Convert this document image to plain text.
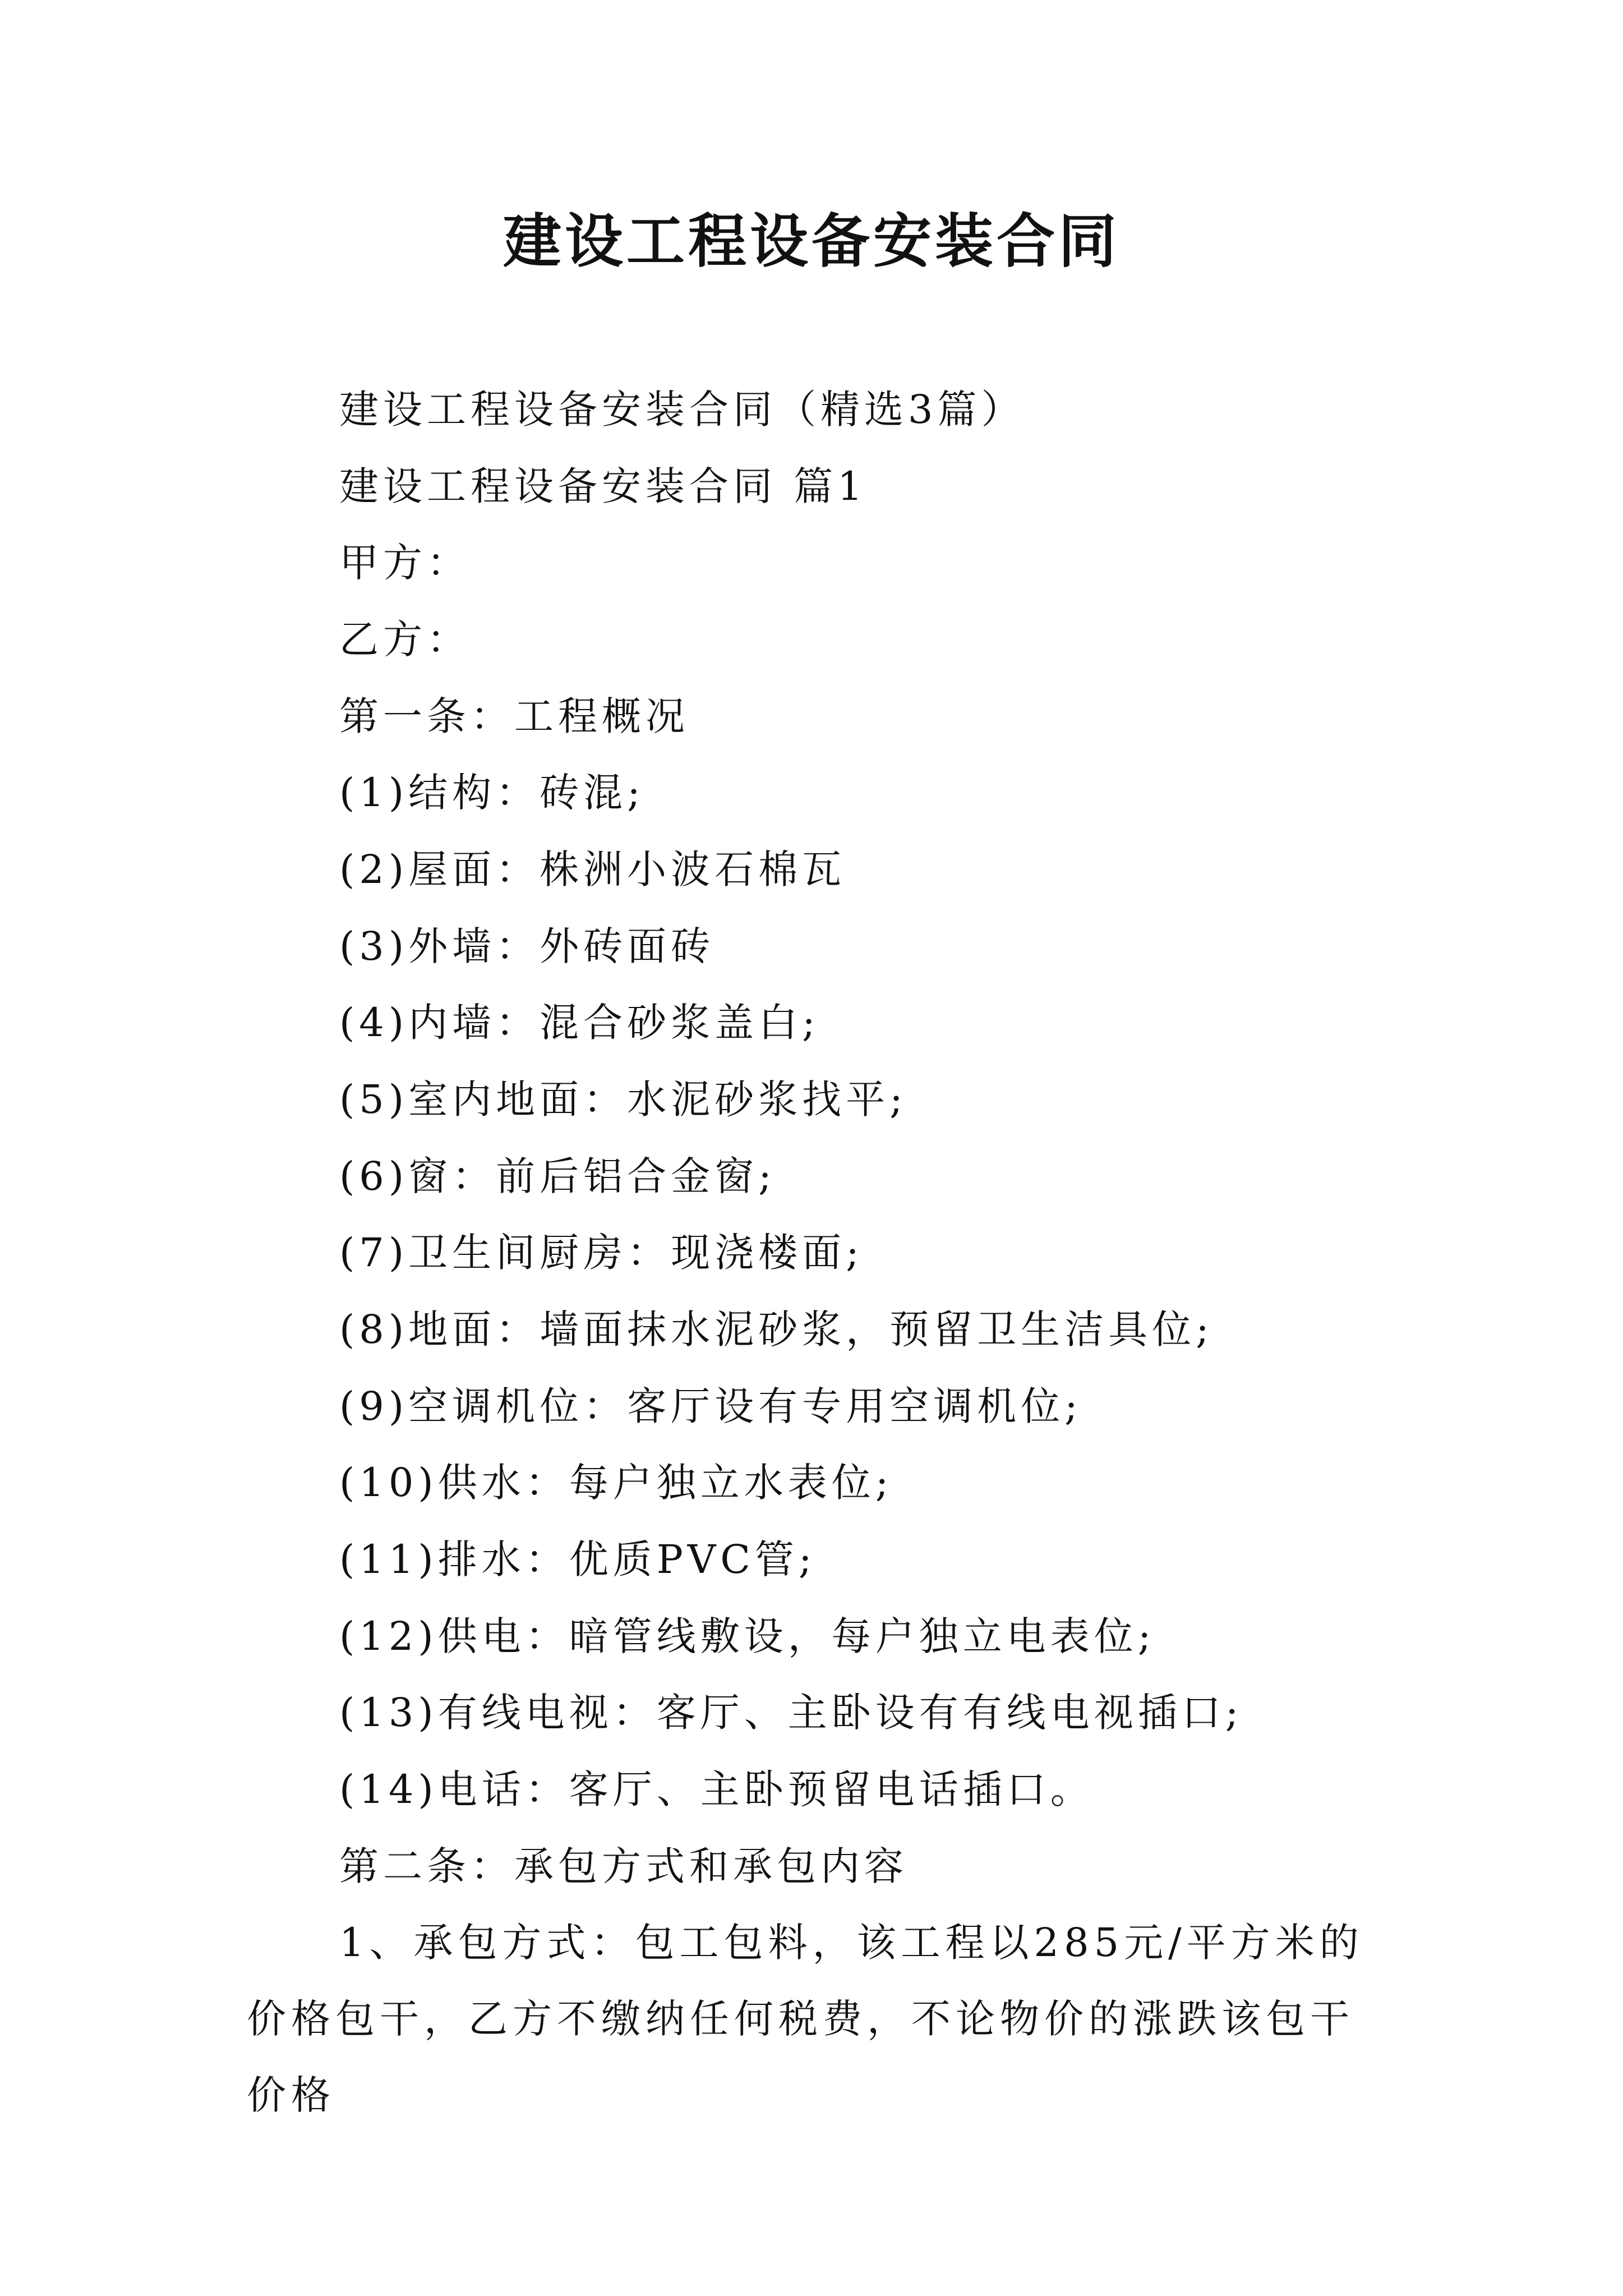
建设工程设备安装合同
建设工程设备安装合同（精选3篇）
建设工程设备安装合同 篇1
甲方：
乙方：
第一条：工程概况
(1)结构：砖混;
(2)屋面：株洲小波石棉瓦
(3)外墙：外砖面砖
(4)内墙：混合砂浆盖白;
(5)室内地面：水泥砂浆找平;
(6)窗：前后铝合金窗;
(7)卫生间厨房：现浇楼面;
(8)地面：墙面抹水泥砂浆，预留卫生洁具位;
(9)空调机位：客厅设有专用空调机位;
(10)供水：每户独立水表位;
(11)排水：优质PVC管;
(12)供电：暗管线敷设，每户独立电表位;
(13)有线电视：客厅、主卧设有有线电视插口;
(14)电话：客厅、主卧预留电话插口。
第二条：承包方式和承包内容
1、承包方式：包工包料，该工程以285元/平方米的价格包干，乙方不缴纳任何税费，不论物价的涨跌该包干价格
